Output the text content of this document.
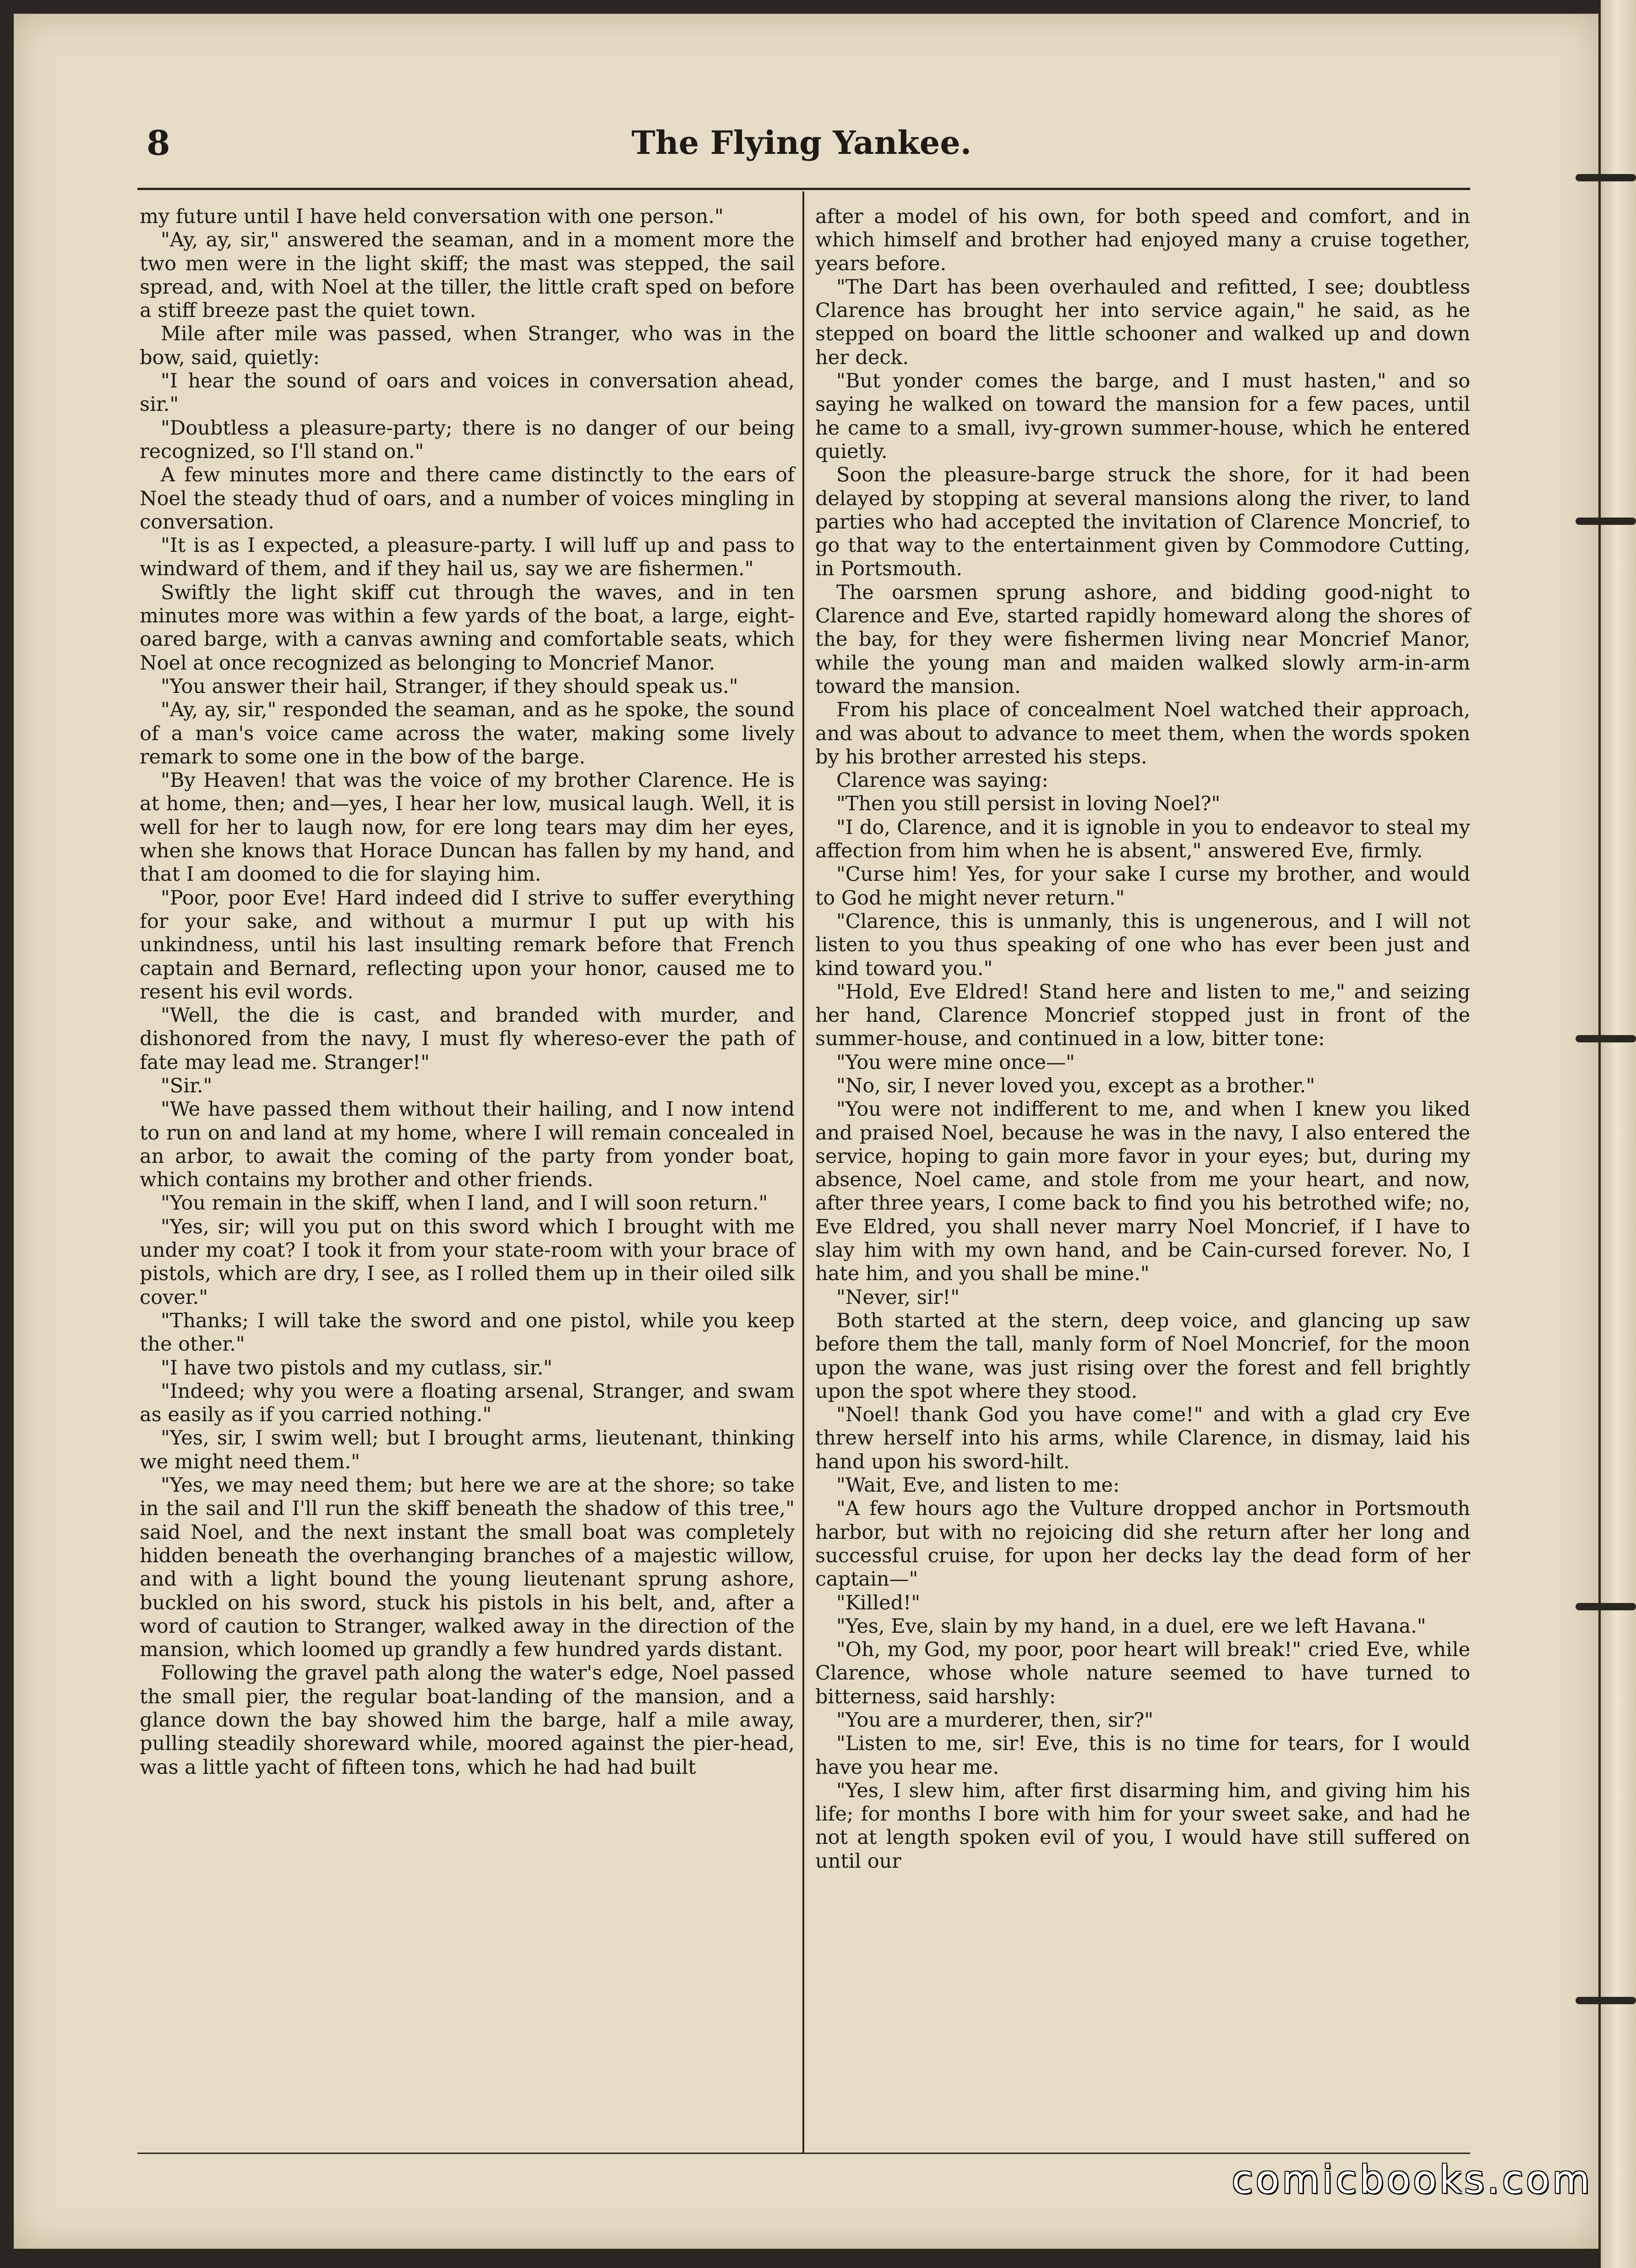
8	The Flying Yankee.

my future until I have held conversation with one person."

"Ay, ay, sir," answered the seaman, and in a moment more the two men were in the light skiff; the mast was stepped, the sail spread, and, with Noel at the tiller, the little craft sped on before a stiff breeze past the quiet town.

Mile after mile was passed, when Stranger, who was in the bow, said, quietly:

"I hear the sound of oars and voices in conversation ahead, sir."

"Doubtless a pleasure-party; there is no danger of our being recognized, so I'll stand on."

A few minutes more and there came distinctly to the ears of Noel the steady thud of oars, and a number of voices mingling in conversation.

"It is as I expected, a pleasure-party. I will luff up and pass to windward of them, and if they hail us, say we are fishermen."

Swiftly the light skiff cut through the waves, and in ten minutes more was within a few yards of the boat, a large, eight-oared barge, with a canvas awning and comfortable seats, which Noel at once recognized as belonging to Moncrief Manor.

"You answer their hail, Stranger, if they should speak us."

"Ay, ay, sir," responded the seaman, and as he spoke, the sound of a man's voice came across the water, making some lively remark to some one in the bow of the barge.

"By Heaven! that was the voice of my brother Clarence. He is at home, then; and—yes, I hear her low, musical laugh. Well, it is well for her to laugh now, for ere long tears may dim her eyes, when she knows that Horace Duncan has fallen by my hand, and that I am doomed to die for slaying him.

"Poor, poor Eve! Hard indeed did I strive to suffer everything for your sake, and without a murmur I put up with his unkindness, until his last insulting remark before that French captain and Bernard, reflecting upon your honor, caused me to resent his evil words.

"Well, the die is cast, and branded with murder, and dishonored from the navy, I must fly whereso-ever the path of fate may lead me. Stranger!"

"Sir."

"We have passed them without their hailing, and I now intend to run on and land at my home, where I will remain concealed in an arbor, to await the coming of the party from yonder boat, which contains my brother and other friends.

"You remain in the skiff, when I land, and I will soon return."

"Yes, sir; will you put on this sword which I brought with me under my coat? I took it from your state-room with your brace of pistols, which are dry, I see, as I rolled them up in their oiled silk cover."

"Thanks; I will take the sword and one pistol, while you keep the other."

"I have two pistols and my cutlass, sir."

"Indeed; why you were a floating arsenal, Stranger, and swam as easily as if you carried nothing."

"Yes, sir, I swim well; but I brought arms, lieutenant, thinking we might need them."

"Yes, we may need them; but here we are at the shore; so take in the sail and I'll run the skiff beneath the shadow of this tree," said Noel, and the next instant the small boat was completely hidden beneath the overhanging branches of a majestic willow, and with a light bound the young lieutenant sprung ashore, buckled on his sword, stuck his pistols in his belt, and, after a word of caution to Stranger, walked away in the direction of the mansion, which loomed up grandly a few hundred yards distant.

Following the gravel path along the water's edge, Noel passed the small pier, the regular boat-landing of the mansion, and a glance down the bay showed him the barge, half a mile away, pulling steadily shoreward while, moored against the pier-head, was a little yacht of fifteen tons, which he had had built

after a model of his own, for both speed and comfort, and in which himself and brother had enjoyed many a cruise together, years before.

"The Dart has been overhauled and refitted, I see; doubtless Clarence has brought her into service again," he said, as he stepped on board the little schooner and walked up and down her deck.

"But yonder comes the barge, and I must hasten," and so saying he walked on toward the mansion for a few paces, until he came to a small, ivy-grown summer-house, which he entered quietly.

Soon the pleasure-barge struck the shore, for it had been delayed by stopping at several mansions along the river, to land parties who had accepted the invitation of Clarence Moncrief, to go that way to the entertainment given by Commodore Cutting, in Portsmouth.

The oarsmen sprung ashore, and bidding good-night to Clarence and Eve, started rapidly homeward along the shores of the bay, for they were fishermen living near Moncrief Manor, while the young man and maiden walked slowly arm-in-arm toward the mansion.

From his place of concealment Noel watched their approach, and was about to advance to meet them, when the words spoken by his brother arrested his steps.

Clarence was saying:

"Then you still persist in loving Noel?"

"I do, Clarence, and it is ignoble in you to endeavor to steal my affection from him when he is absent," answered Eve, firmly.

"Curse him! Yes, for your sake I curse my brother, and would to God he might never return."

"Clarence, this is unmanly, this is ungenerous, and I will not listen to you thus speaking of one who has ever been just and kind toward you."

"Hold, Eve Eldred! Stand here and listen to me," and seizing her hand, Clarence Moncrief stopped just in front of the summer-house, and continued in a low, bitter tone:

"You were mine once—"

"No, sir, I never loved you, except as a brother."

"You were not indifferent to me, and when I knew you liked and praised Noel, because he was in the navy, I also entered the service, hoping to gain more favor in your eyes; but, during my absence, Noel came, and stole from me your heart, and now, after three years, I come back to find you his betrothed wife; no, Eve Eldred, you shall never marry Noel Moncrief, if I have to slay him with my own hand, and be Cain-cursed forever. No, I hate him, and you shall be mine."

"Never, sir!"

Both started at the stern, deep voice, and glancing up saw before them the tall, manly form of Noel Moncrief, for the moon upon the wane, was just rising over the forest and fell brightly upon the spot where they stood.

"Noel! thank God you have come!" and with a glad cry Eve threw herself into his arms, while Clarence, in dismay, laid his hand upon his sword-hilt.

"Wait, Eve, and listen to me:

"A few hours ago the Vulture dropped anchor in Portsmouth harbor, but with no rejoicing did she return after her long and successful cruise, for upon her decks lay the dead form of her captain—"

"Killed!"

"Yes, Eve, slain by my hand, in a duel, ere we left Havana."

"Oh, my God, my poor, poor heart will break!" cried Eve, while Clarence, whose whole nature seemed to have turned to bitterness, said harshly:

"You are a murderer, then, sir?"

"Listen to me, sir! Eve, this is no time for tears, for I would have you hear me.

"Yes, I slew him, after first disarming him, and giving him his life; for months I bore with him for your sweet sake, and had he not at length spoken evil of you, I would have still suffered on until our

comicbooks.com
